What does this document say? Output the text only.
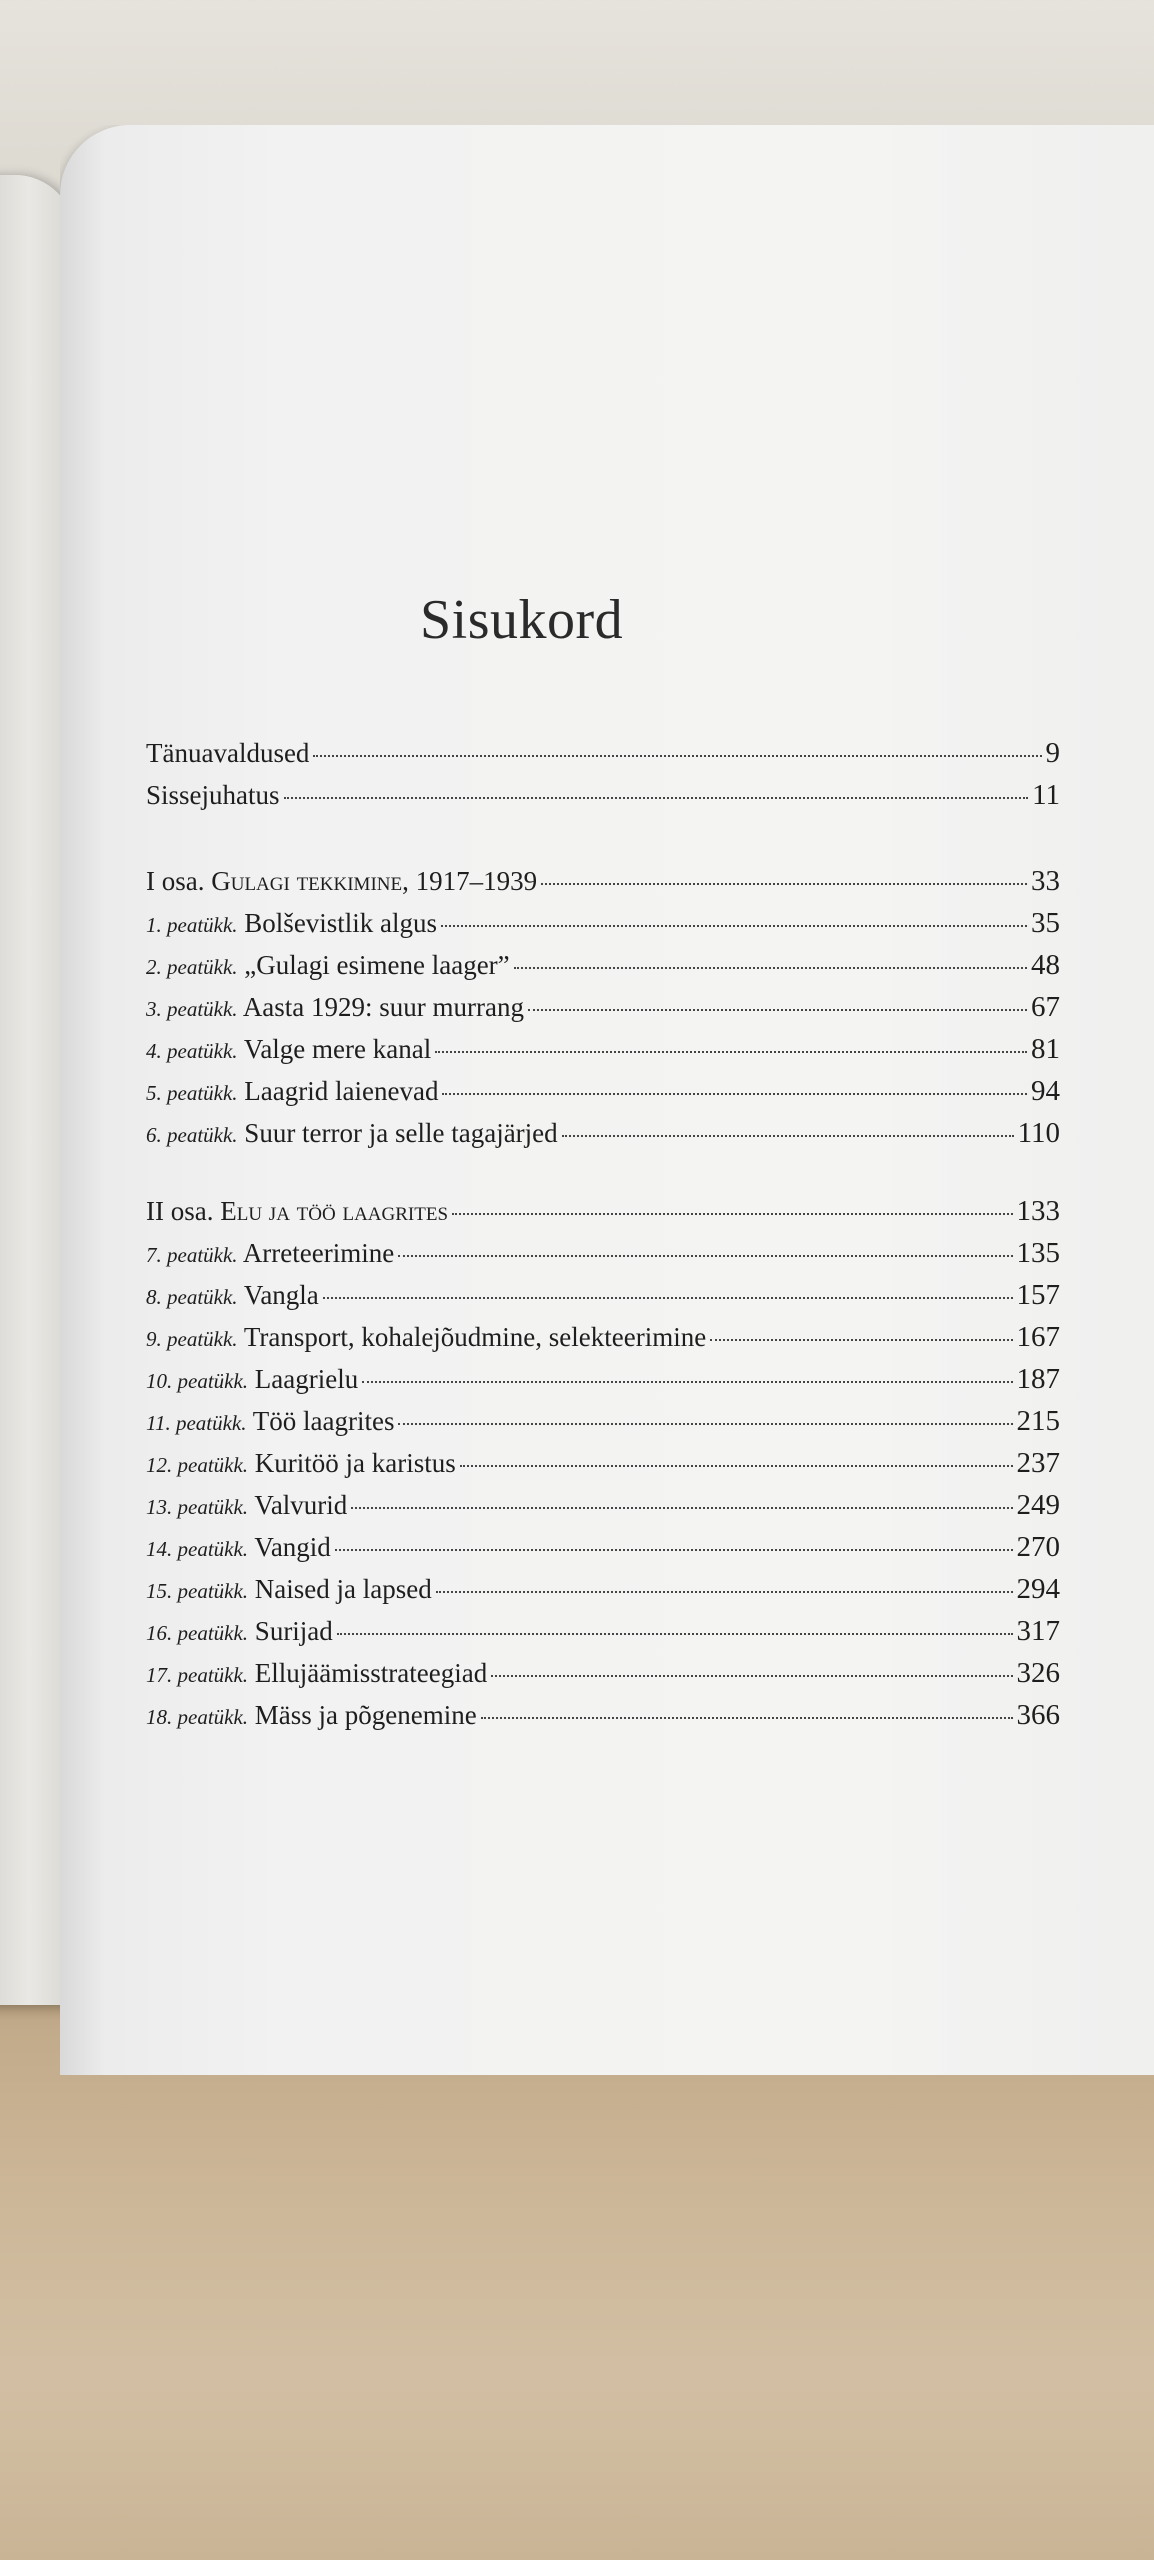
Sisukord
Tänuavaldused	9
Sissejuhatus	11
I osa. Gulagi tekkimine, 1917–1939	33
1. peatükk. Bolševistlik algus	35
2. peatükk. „Gulagi esimene laager”	48
3. peatükk. Aasta 1929: suur murrang	67
4. peatükk. Valge mere kanal	81
5. peatükk. Laagrid laienevad	94
6. peatükk. Suur terror ja selle tagajärjed	110
II osa. Elu ja töö laagrites	133
7. peatükk. Arreteerimine	135
8. peatükk. Vangla	157
9. peatükk. Transport, kohalejõudmine, selekteerimine	167
10. peatükk. Laagrielu	187
11. peatükk. Töö laagrites	215
12. peatükk. Kuritöö ja karistus	237
13. peatükk. Valvurid	249
14. peatükk. Vangid	270
15. peatükk. Naised ja lapsed	294
16. peatükk. Surijad	317
17. peatükk. Ellujäämisstrateegiad	326
18. peatükk. Mäss ja põgenemine	366
